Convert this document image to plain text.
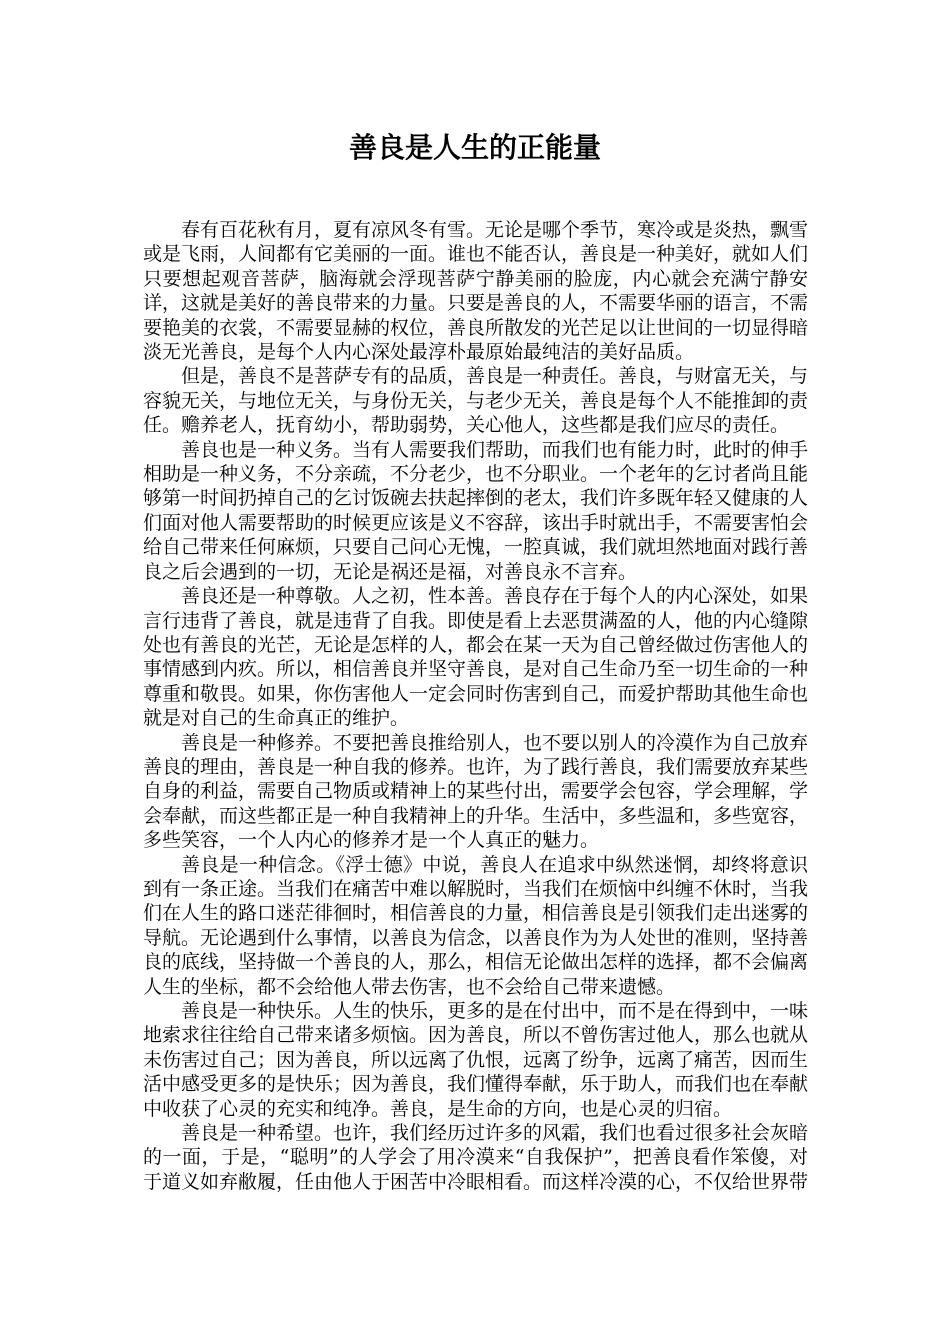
善良是人生的正能量

春有百花秋有月，夏有凉风冬有雪。无论是哪个季节，寒冷或是炎热，飘雪或是飞雨，人间都有它美丽的一面。谁也不能否认，善良是一种美好，就如人们只要想起观音菩萨，脑海就会浮现菩萨宁静美丽的脸庞，内心就会充满宁静安详，这就是美好的善良带来的力量。只要是善良的人，不需要华丽的语言，不需要艳美的衣裳，不需要显赫的权位，善良所散发的光芒足以让世间的一切显得暗淡无光善良，是每个人内心深处最淳朴最原始最纯洁的美好品质。

但是，善良不是菩萨专有的品质，善良是一种责任。善良，与财富无关，与容貌无关，与地位无关，与身份无关，与老少无关，善良是每个人不能推卸的责任。赡养老人，抚育幼小，帮助弱势，关心他人，这些都是我们应尽的责任。

善良也是一种义务。当有人需要我们帮助，而我们也有能力时，此时的伸手相助是一种义务，不分亲疏，不分老少，也不分职业。一个老年的乞讨者尚且能够第一时间扔掉自己的乞讨饭碗去扶起摔倒的老太，我们许多既年轻又健康的人们面对他人需要帮助的时候更应该是义不容辞，该出手时就出手，不需要害怕会给自己带来任何麻烦，只要自己问心无愧，一腔真诚，我们就坦然地面对践行善良之后会遇到的一切，无论是祸还是福，对善良永不言弃。

善良还是一种尊敬。人之初，性本善。善良存在于每个人的内心深处，如果言行违背了善良，就是违背了自我。即使是看上去恶贯满盈的人，他的内心缝隙处也有善良的光芒，无论是怎样的人，都会在某一天为自己曾经做过伤害他人的事情感到内疚。所以，相信善良并坚守善良，是对自己生命乃至一切生命的一种尊重和敬畏。如果，你伤害他人一定会同时伤害到自己，而爱护帮助其他生命也就是对自己的生命真正的维护。

善良是一种修养。不要把善良推给别人，也不要以别人的冷漠作为自己放弃善良的理由，善良是一种自我的修养。也许，为了践行善良，我们需要放弃某些自身的利益，需要自己物质或精神上的某些付出，需要学会包容，学会理解，学会奉献，而这些都正是一种自我精神上的升华。生活中，多些温和，多些宽容，多些笑容，一个人内心的修养才是一个人真正的魅力。

善良是一种信念。《浮士德》中说，善良人在追求中纵然迷惘，却终将意识到有一条正途。当我们在痛苦中难以解脱时，当我们在烦恼中纠缠不休时，当我们在人生的路口迷茫徘徊时，相信善良的力量，相信善良是引领我们走出迷雾的导航。无论遇到什么事情，以善良为信念，以善良作为为人处世的准则，坚持善良的底线，坚持做一个善良的人，那么，相信无论做出怎样的选择，都不会偏离人生的坐标，都不会给他人带去伤害，也不会给自己带来遗憾。

善良是一种快乐。人生的快乐，更多的是在付出中，而不是在得到中，一味地索求往往给自己带来诸多烦恼。因为善良，所以不曾伤害过他人，那么也就从未伤害过自己；因为善良，所以远离了仇恨，远离了纷争，远离了痛苦，因而生活中感受更多的是快乐；因为善良，我们懂得奉献，乐于助人，而我们也在奉献中收获了心灵的充实和纯净。善良，是生命的方向，也是心灵的归宿。

善良是一种希望。也许，我们经历过许多的风霜，我们也看过很多社会灰暗的一面，于是，“聪明”的人学会了用冷漠来“自我保护”，把善良看作笨傻，对于道义如弃敝履，任由他人于困苦中冷眼相看。而这样冷漠的心，不仅给世界带
